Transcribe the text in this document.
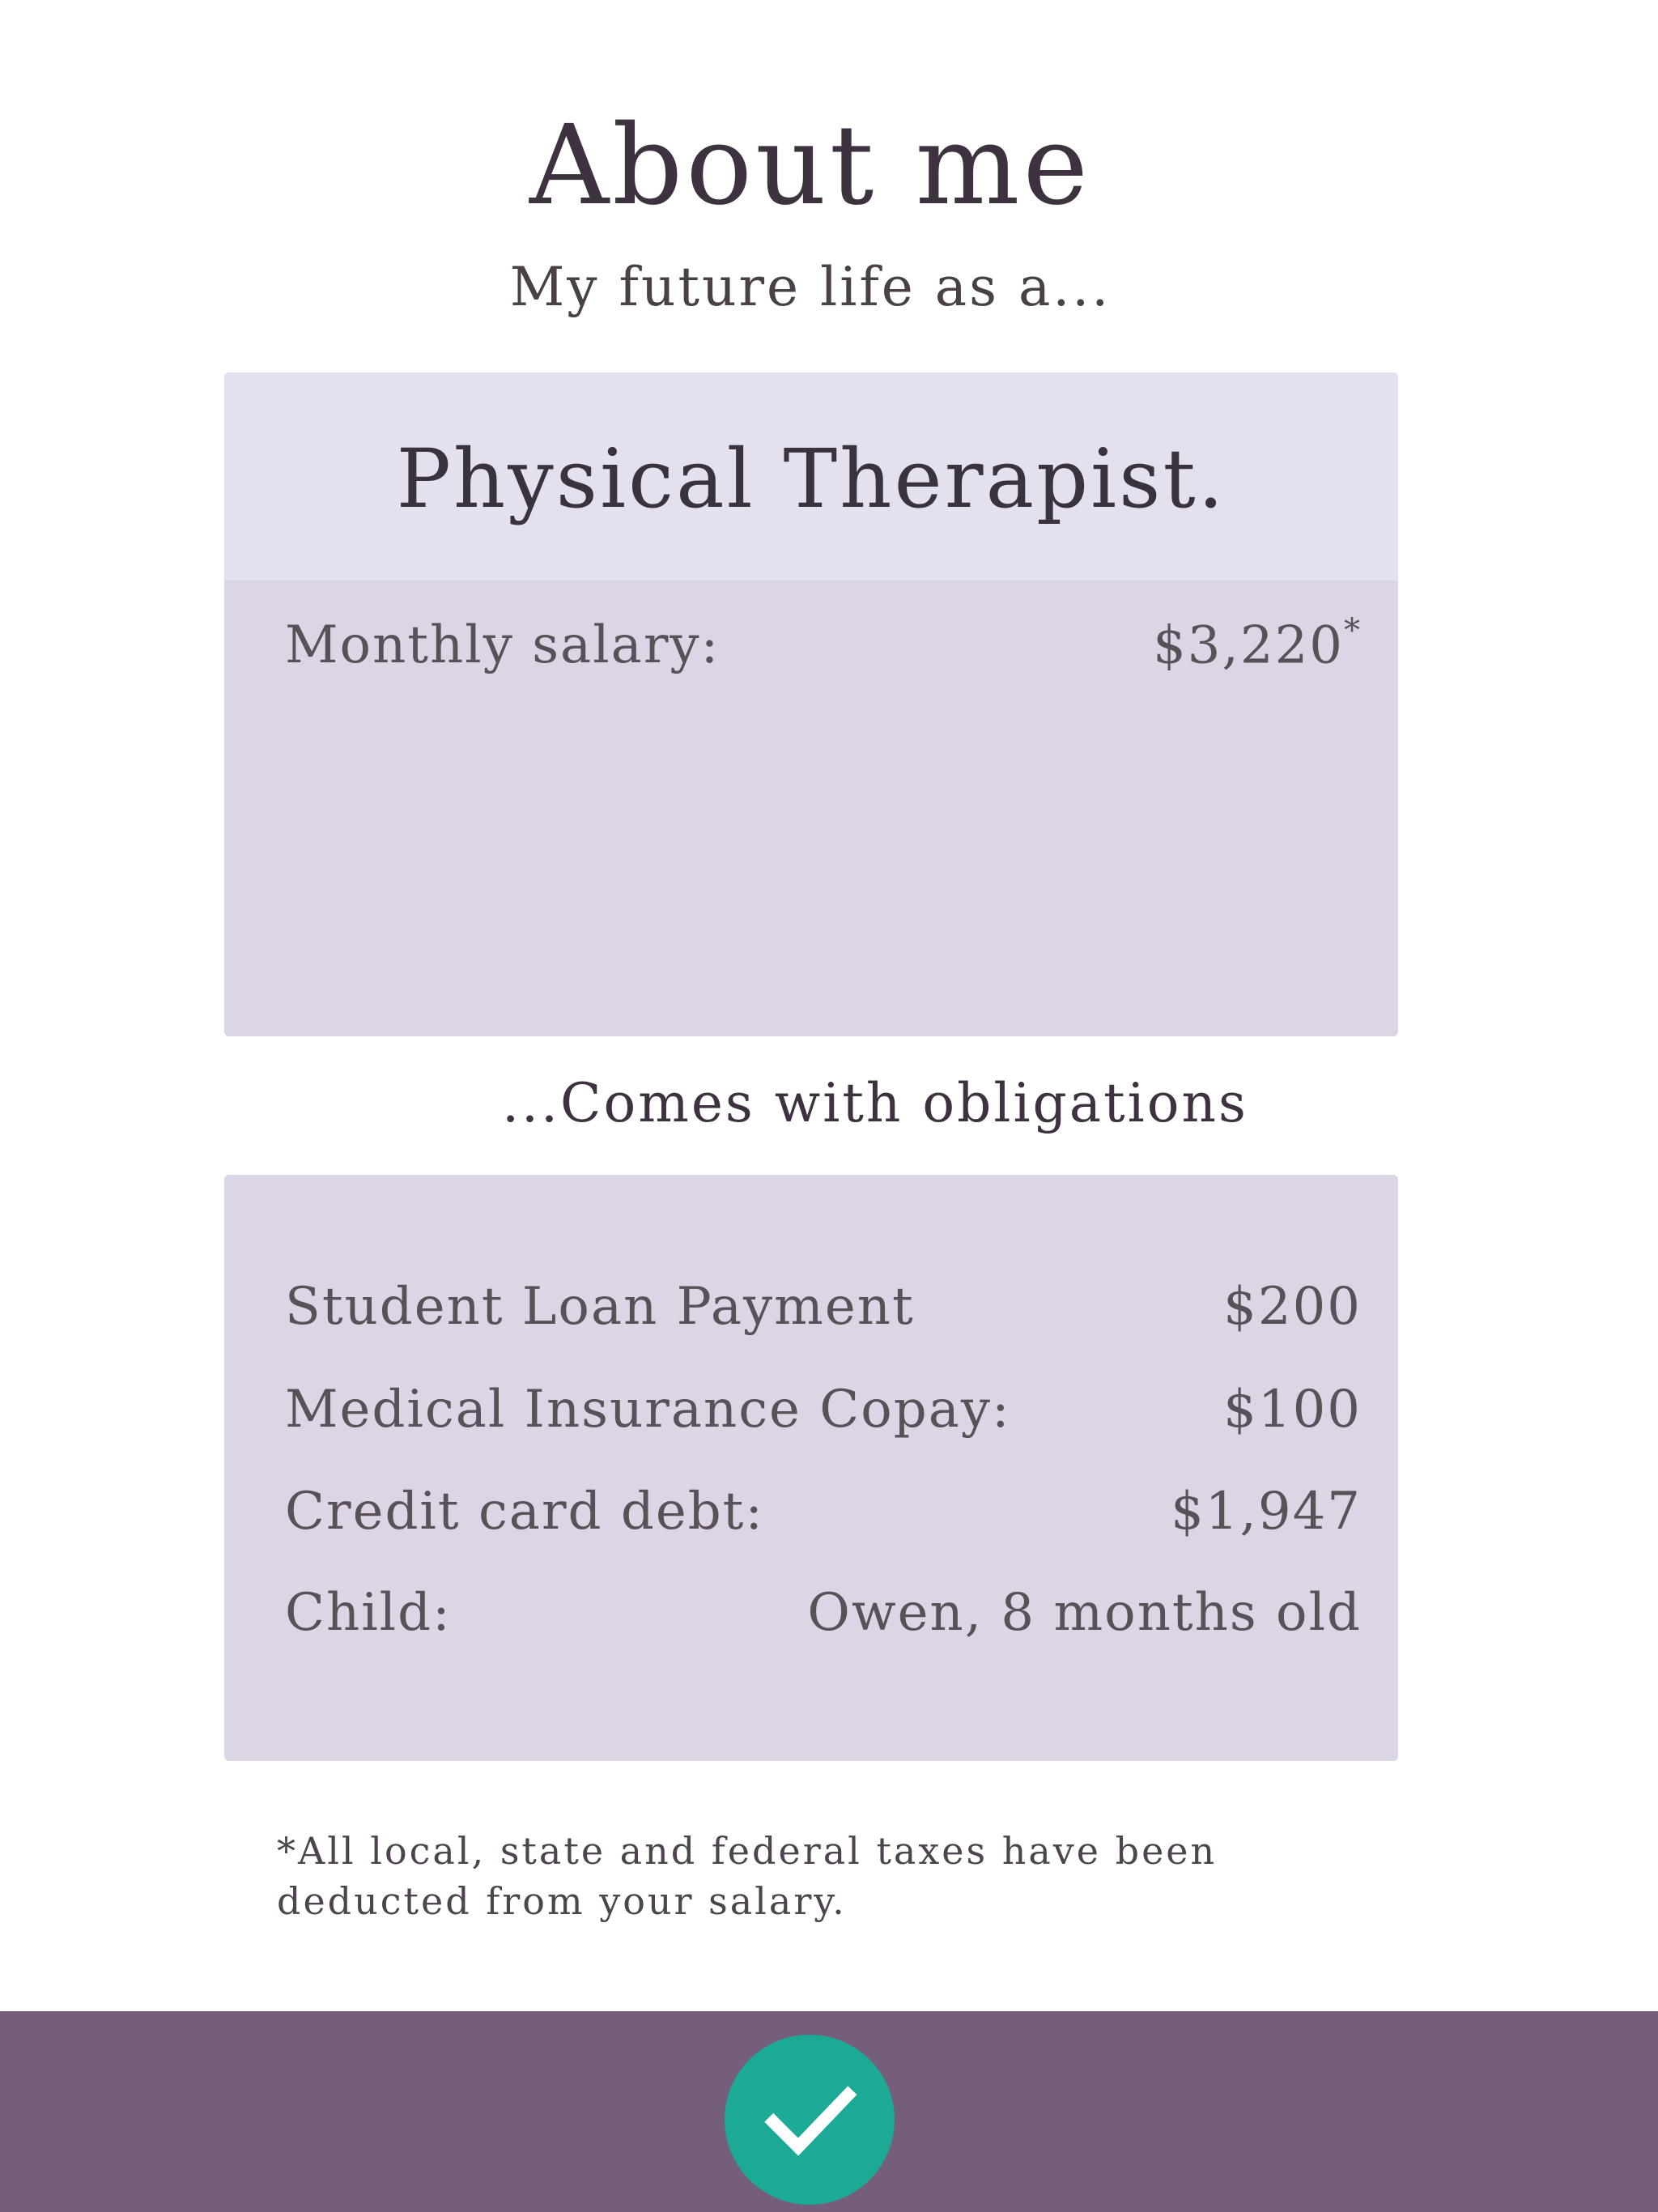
About me
My future life as a...
Physical Therapist.
Monthly salary:	$3,220*
...Comes with obligations
Student Loan Payment	$200
Medical Insurance Copay:	$100
Credit card debt:	$1,947
Child:	Owen, 8 months old
*All local, state and federal taxes have been
deducted from your salary.
